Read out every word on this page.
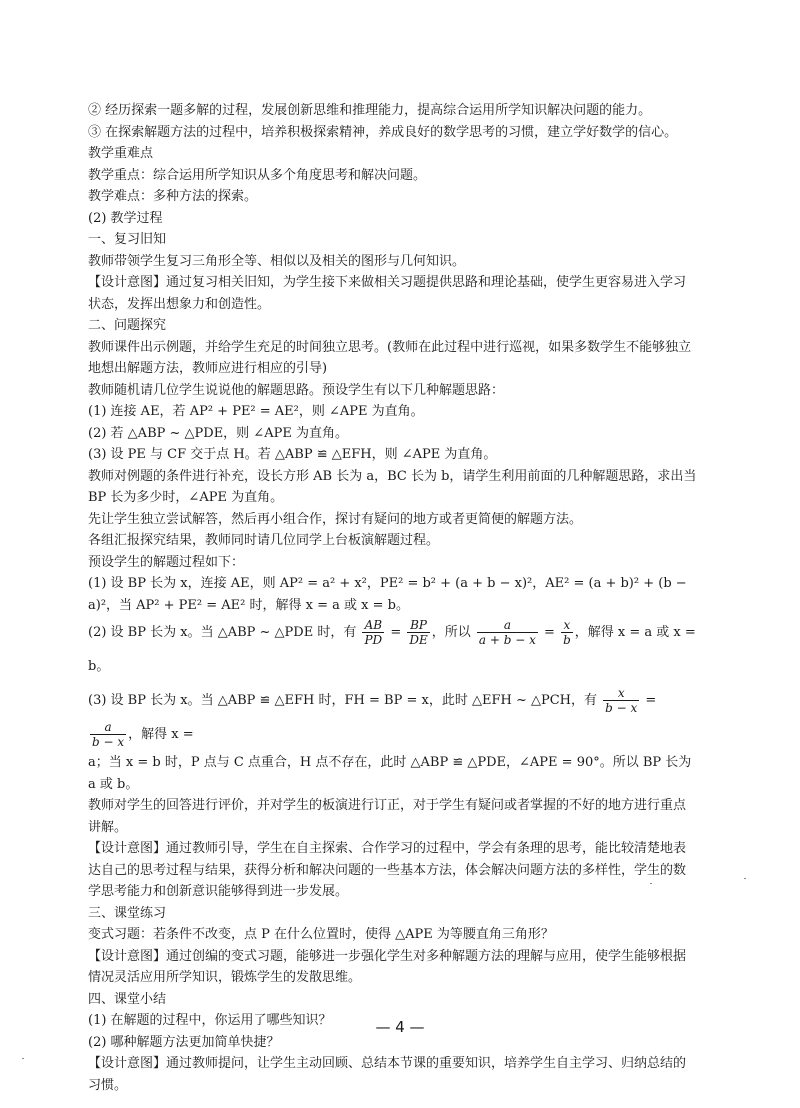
② 经历探索一题多解的过程，发展创新思维和推理能力，提高综合运用所学知识解决问题的能力。

③ 在探索解题方法的过程中，培养积极探索精神，养成良好的数学思考的习惯，建立学好数学的信心。

教学重难点

教学重点：综合运用所学知识从多个角度思考和解决问题。

教学难点：多种方法的探索。

(2) 教学过程

一、复习旧知

教师带领学生复习三角形全等、相似以及相关的图形与几何知识。

【设计意图】通过复习相关旧知，为学生接下来做相关习题提供思路和理论基础，使学生更容易进入学习状态，发挥出想象力和创造性。

二、问题探究

教师课件出示例题，并给学生充足的时间独立思考。(教师在此过程中进行巡视，如果多数学生不能够独立地想出解题方法，教师应进行相应的引导)

教师随机请几位学生说说他的解题思路。预设学生有以下几种解题思路：

(1) 连接 AE，若 AP² + PE² = AE²，则 ∠APE 为直角。

(2) 若 △ABP ~ △PDE，则 ∠APE 为直角。

(3) 设 PE 与 CF 交于点 H。若 △ABP ≌ △EFH，则 ∠APE 为直角。

教师对例题的条件进行补充，设长方形 AB 长为 a，BC 长为 b，请学生利用前面的几种解题思路，求出当 BP 长为多少时，∠APE 为直角。

先让学生独立尝试解答，然后再小组合作，探讨有疑问的地方或者更简便的解题方法。

各组汇报探究结果，教师同时请几位同学上台板演解题过程。

预设学生的解题过程如下：

(1) 设 BP 长为 x，连接 AE，则 AP² = a² + x²，PE² = b² + (a + b − x)²，AE² = (a + b)² + (b − a)²，当 AP² + PE² = AE² 时，解得 x = a 或 x = b。

(2) 设 BP 长为 x。当 △ABP ~ △PDE 时，有 $\frac{AB}{PD} = \frac{BP}{DE}$ ，所以 $\frac{a}{a + b - x} = \frac{x}{b}$ ，解得 x = a 或 x = b。

(3) 设 BP 长为 x。当 △ABP ≌ △EFH 时，FH = BP = x，此时 △EFH ~ △PCH，有 $\frac{x}{b - x}$ =
$\frac{a}{b - x}$ ，解得 x =

a；当 x = b 时，P 点与 C 点重合，H 点不存在，此时 △ABP ≌ △PDE，∠APE = 90°。所以 BP 长为 a 或 b。

教师对学生的回答进行评价，并对学生的板演进行订正，对于学生有疑问或者掌握的不好的地方进行重点讲解。

【设计意图】通过教师引导，学生在自主探索、合作学习的过程中，学会有条理的思考，能比较清楚地表达自己的思考过程与结果，获得分析和解决问题的一些基本方法，体会解决问题方法的多样性，学生的数学思考能力和创新意识能够得到进一步发展。

三、课堂练习

变式习题：若条件不改变，点 P 在什么位置时，使得 △APE 为等腰直角三角形？

【设计意图】通过创编的变式习题，能够进一步强化学生对多种解题方法的理解与应用，使学生能够根据情况灵活应用所学知识，锻炼学生的发散思维。

四、课堂小结

(1) 在解题的过程中，你运用了哪些知识？

(2) 哪种解题方法更加简单快捷？

【设计意图】通过教师提问，让学生主动回顾、总结本节课的重要知识，培养学生自主学习、归纳总结的习惯。

— 4 —
